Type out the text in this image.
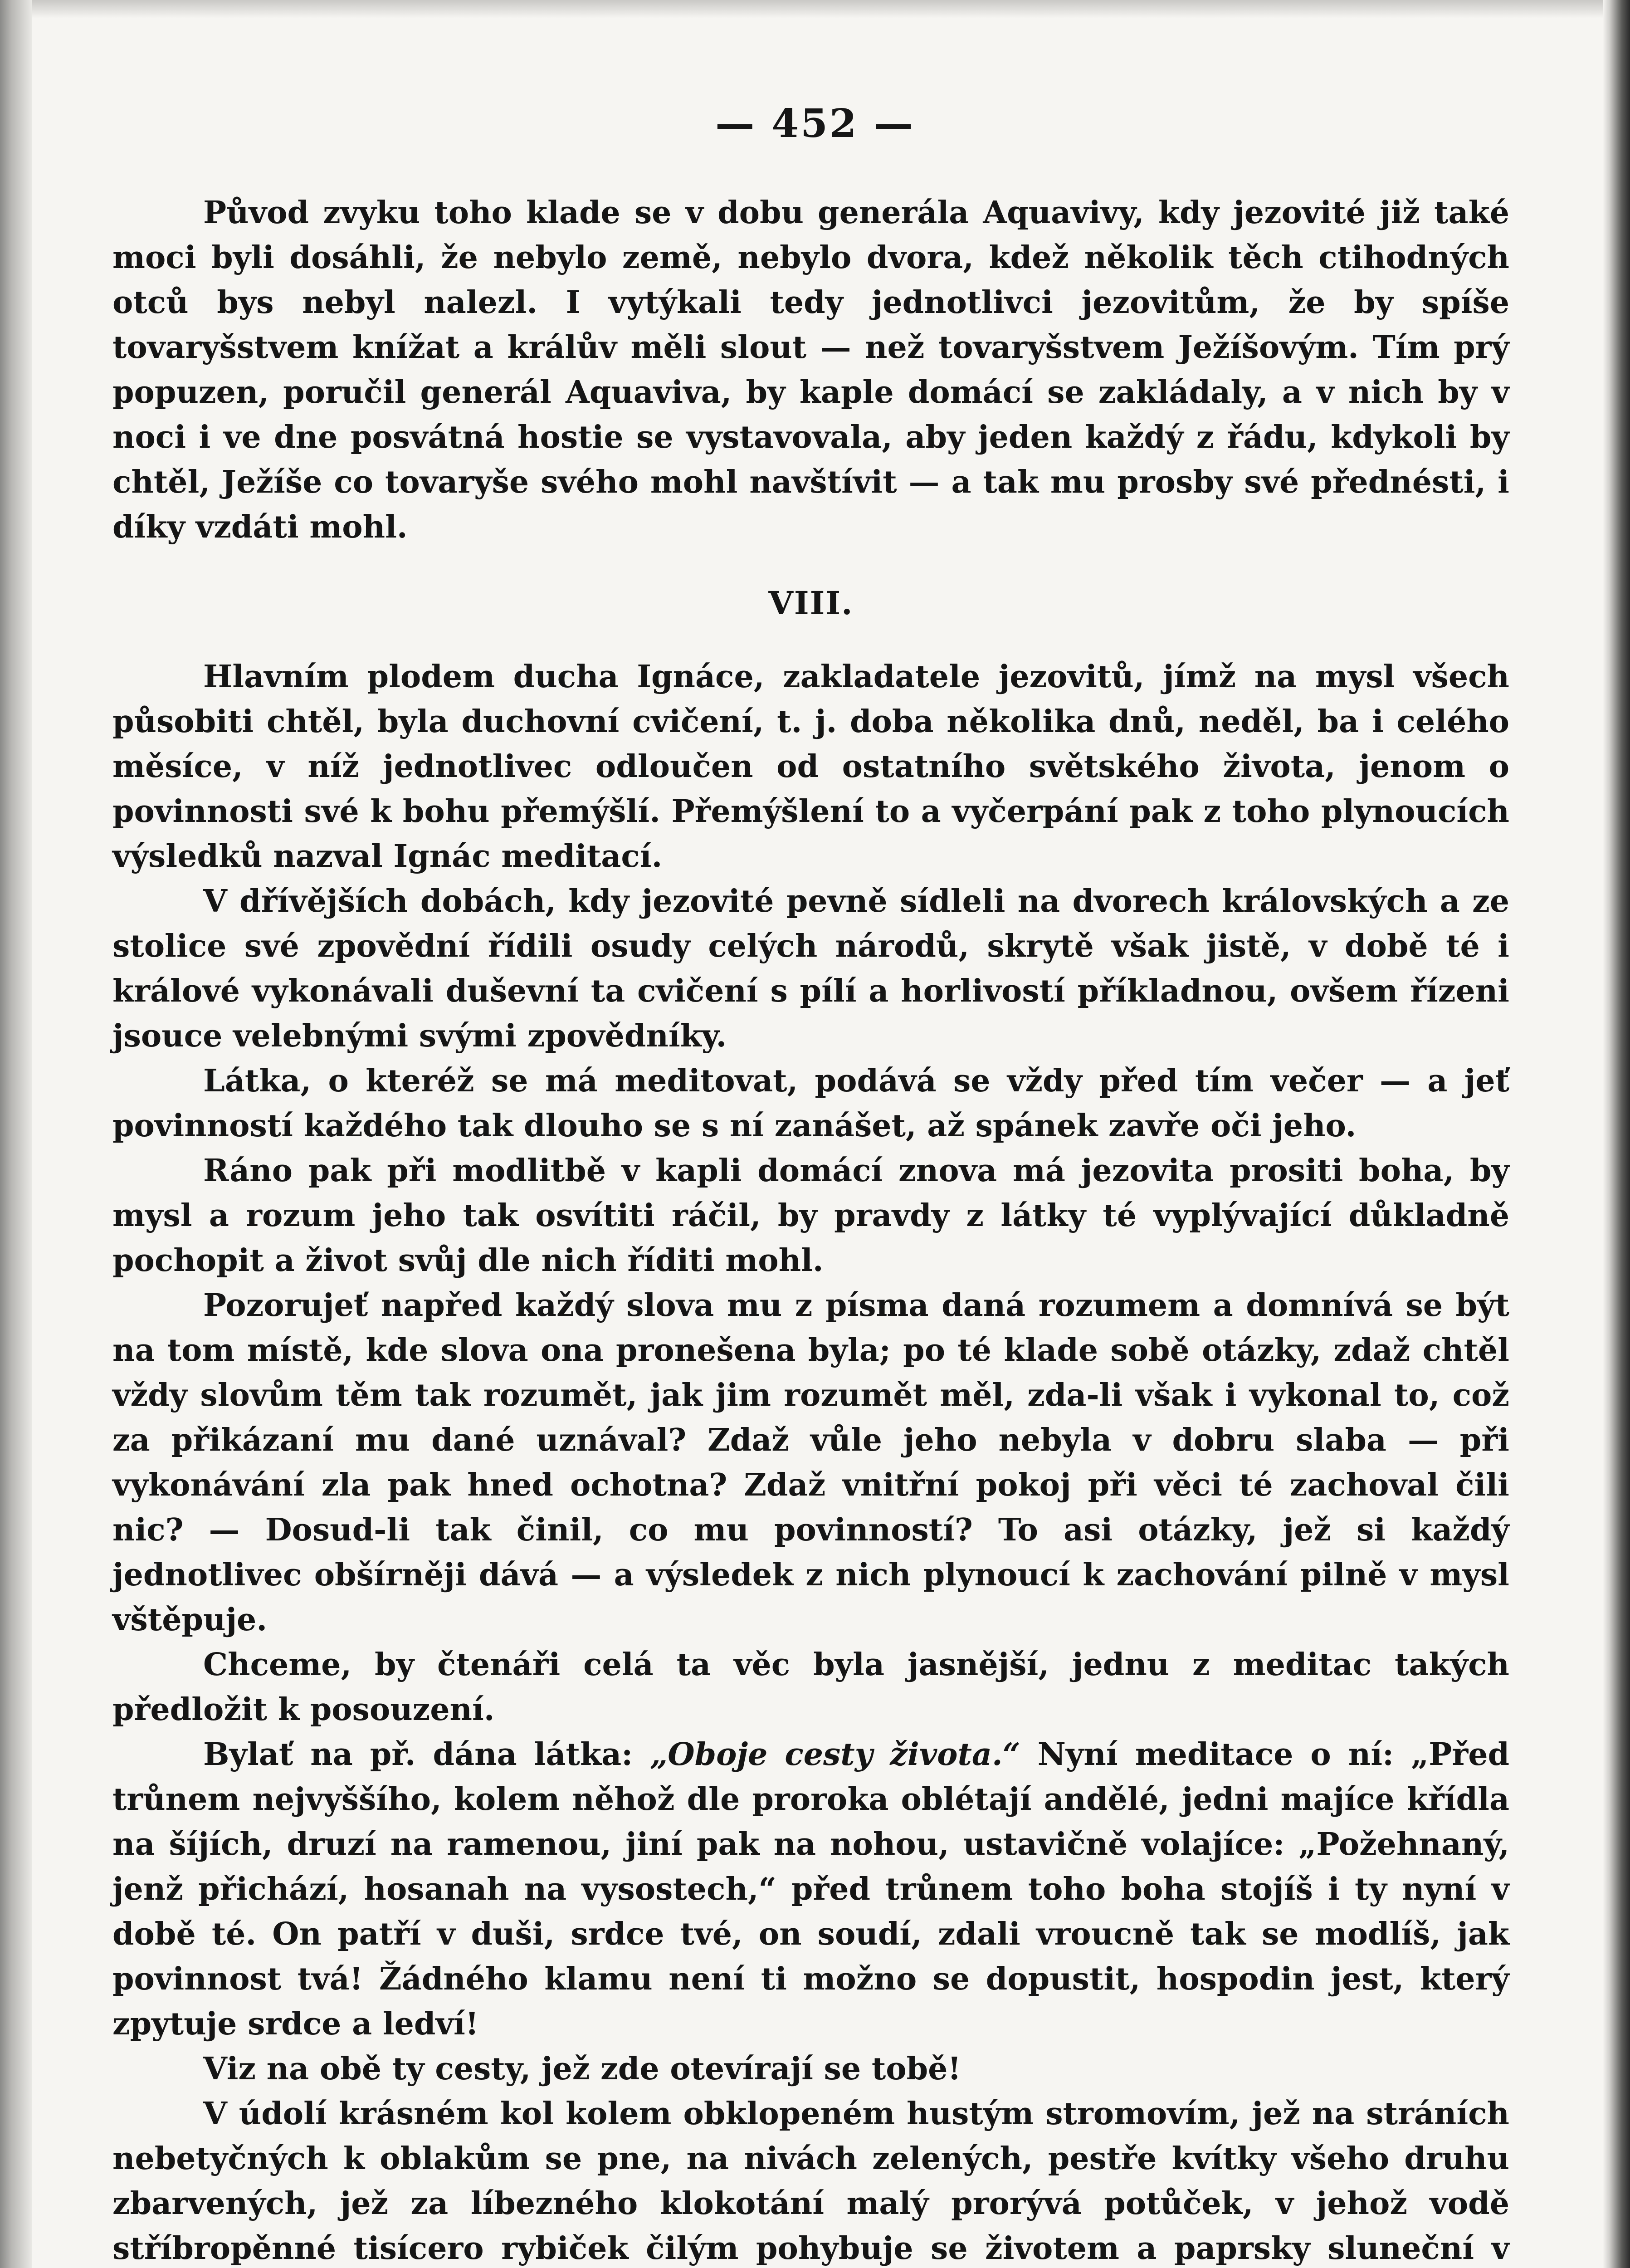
— 452 —

Původ zvyku toho klade se v dobu generála Aquavivy, kdy jezovité již také moci byli dosáhli, že nebylo země, nebylo dvora, kdež několik těch ctihodných otců bys nebyl nalezl. I vytýkali tedy jednotlivci jezovitům, že by spíše tovaryšstvem knížat a králův měli slout — než tovaryšstvem Ježíšovým. Tím prý popuzen, poručil generál Aquaviva, by kaple domácí se zakládaly, a v nich by v noci i ve dne posvátná hostie se vystavovala, aby jeden každý z řádu, kdykoli by chtěl, Ježíše co tovaryše svého mohl navštívit — a tak mu prosby své přednésti, i díky vzdáti mohl.

VIII.

Hlavním plodem ducha Ignáce, zakladatele jezovitů, jímž na mysl všech působiti chtěl, byla duchovní cvičení, t. j. doba několika dnů, neděl, ba i celého měsíce, v níž jednotlivec odloučen od ostatního světského života, jenom o povinnosti své k bohu přemýšlí. Přemýšlení to a vyčerpání pak z toho plynoucích výsledků nazval Ignác meditací.

V dřívějších dobách, kdy jezovité pevně sídleli na dvorech královských a ze stolice své zpovědní řídili osudy celých národů, skrytě však jistě, v době té i králové vykonávali duševní ta cvičení s pílí a horlivostí příkladnou, ovšem řízeni jsouce velebnými svými zpovědníky.

Látka, o kteréž se má meditovat, podává se vždy před tím večer — a jeť povinností každého tak dlouho se s ní zanášet, až spánek zavře oči jeho.

Ráno pak při modlitbě v kapli domácí znova má jezovita prositi boha, by mysl a rozum jeho tak osvítiti ráčil, by pravdy z látky té vyplývající důkladně pochopit a život svůj dle nich říditi mohl.

Pozorujeť napřed každý slova mu z písma daná rozumem a domnívá se být na tom místě, kde slova ona pronešena byla; po té klade sobě otázky, zdaž chtěl vždy slovům těm tak rozumět, jak jim rozumět měl, zda-li však i vykonal to, což za přikázaní mu dané uznával? Zdaž vůle jeho nebyla v dobru slaba — při vykonávání zla pak hned ochotna? Zdaž vnitřní pokoj při věci té zachoval čili nic? — Dosud-li tak činil, co mu povinností? To asi otázky, jež si každý jednotlivec obšírněji dává — a výsledek z nich plynoucí k zachování pilně v mysl vštěpuje.

Chceme, by čtenáři celá ta věc byla jasnější, jednu z meditac takých předložit k posouzení.

Bylať na př. dána látka: „Oboje cesty života.“ Nyní meditace o ní: „Před trůnem nejvyššího, kolem něhož dle proroka oblétají andělé, jedni majíce křídla na šíjích, druzí na ramenou, jiní pak na nohou, ustavičně volajíce: „Požehnaný, jenž přichází, hosanah na vysostech,“ před trůnem toho boha stojíš i ty nyní v době té. On patří v duši, srdce tvé, on soudí, zdali vroucně tak se modlíš, jak povinnost tvá! Žádného klamu není ti možno se dopustit, hospodin jest, který zpytuje srdce a ledví!

Viz na obě ty cesty, jež zde otevírají se tobě!

V údolí krásném kol kolem obklopeném hustým stromovím, jež na stráních nebetyčných k oblakům se pne, na nivách zelených, pestře kvítky všeho druhu zbarvených, jež za líbezného klokotání malý prorývá potůček, v jehož vodě stříbropěnné tisícero rybiček čilým pohybuje se životem a paprsky sluneční v
